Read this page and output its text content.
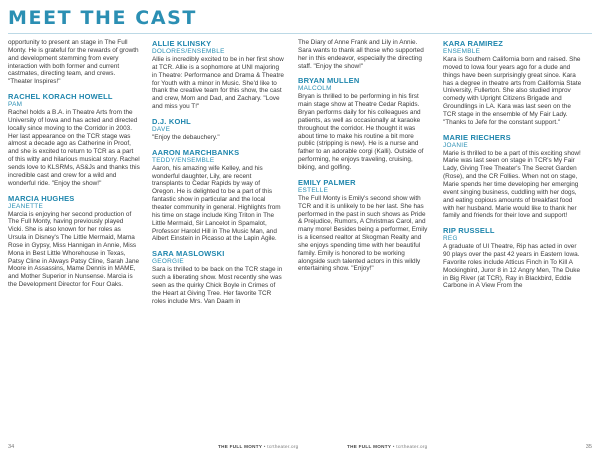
MEET THE CAST

opportunity to present an stage in The Full Monty. He is grateful for the rewards of growth and development stemming from every interaction with both former and current castmates, directing team, and crews. "Theater Inspires!"

RACHEL KORACH HOWELL

PAM

Rachel holds a B.A. in Theatre Arts from the University of Iowa and has acted and directed locally since moving to the Corridor in 2003. Her last appearance on the TCR stage was almost a decade ago as Catherine in Proof, and she is excited to return to TCR as a part of this witty and hilarious musical story. Rachel sends love to KLSRMs, AS&Js and thanks this incredible cast and crew for a wild and wonderful ride. "Enjoy the show!"

MARCIA HUGHES

JEANETTE

Marcia is enjoying her second production of The Full Monty, having previously played Vicki. She is also known for her roles as Ursula in Disney's The Little Mermaid, Mama Rose in Gypsy, Miss Hannigan in Annie, Miss Mona in Best Little Whorehouse in Texas, Patsy Cline in Always Patsy Cline, Sarah Jane Moore in Assassins, Mame Dennis in MAME, and Mother Superior in Nunsense. Marcia is the Development Director for Four Oaks.

ALLIE KLINSKY

DOLORES/ENSEMBLE

Allie is incredibly excited to be in her first show at TCR. Allie is a sophomore at UNI majoring in Theatre: Performance and Drama & Theatre for Youth with a minor in Music. She'd like to thank the creative team for this show, the cast and crew, Mom and Dad, and Zachary. "Love and miss you T!"

D.J. KOHL

DAVE

"Enjoy the debauchery."

AARON MARCHBANKS

TEDDY/ENSEMBLE

Aaron, his amazing wife Kelley, and his wonderful daughter, Lily, are recent transplants to Cedar Rapids by way of Oregon. He is delighted to be a part of this fantastic show in particular and the local theater community in general. Highlights from his time on stage include King Triton in The Little Mermaid, Sir Lancelot in Spamalot, Professor Harold Hill in The Music Man, and Albert Einstein in Picasso at the Lapin Agile.

SARA MASLOWSKI

GEORGIE

Sara is thrilled to be back on the TCR stage in such a liberating show. Most recently she was seen as the quirky Chick Boyle in Crimes of the Heart at Giving Tree. Her favorite TCR roles include Mrs. Van Daam in

The Diary of Anne Frank and Lily in Annie. Sara wants to thank all those who supported her in this endeavor, especially the directing staff. "Enjoy the show!"

BRYAN MULLEN

MALCOLM

Bryan is thrilled to be performing in his first main stage show at Theatre Cedar Rapids. Bryan performs daily for his colleagues and patients, as well as occasionally at karaoke throughout the corridor. He thought it was about time to make his routine a bit more public (stripping is new). He is a nurse and father to an adorable corgi (Kalli). Outside of performing, he enjoys traveling, cruising, biking, and golfing.

EMILY PALMER

ESTELLE

The Full Monty is Emily's second show with TCR and it is unlikely to be her last. She has performed in the past in such shows as Pride & Prejudice, Rumors, A Christmas Carol, and many more! Besides being a performer, Emily is a licensed realtor at Skogman Realty and she enjoys spending time with her beautiful family. Emily is honored to be working alongside such talented actors in this wildly entertaining show. "Enjoy!"

KARA RAMIREZ

ENSEMBLE

Kara is Southern California born and raised. She moved to Iowa four years ago for a dude and things have been surprisingly great since. Kara has a degree in theatre arts from California State University, Fullerton. She also studied improv comedy with Upright Citizens Brigade and Groundlings in LA. Kara was last seen on the TCR stage in the ensemble of My Fair Lady. "Thanks to Jefe for the constant support."

MARIE RIECHERS

JOANIE

Marie is thrilled to be a part of this exciting show! Marie was last seen on stage in TCR's My Fair Lady, Giving Tree Theater's The Secret Garden (Rose), and the CR Follies. When not on stage, Marie spends her time developing her emerging event singing business, cuddling with her dogs, and eating copious amounts of breakfast food with her husband. Marie would like to thank her family and friends for their love and support!

RIP RUSSELL

REG

A graduate of UI Theatre, Rip has acted in over 90 plays over the past 42 years in Eastern Iowa. Favorite roles include Atticus Finch in To Kill A Mockingbird, Juror 8 in 12 Angry Men, The Duke in Big River (at TCR), Ray in Blackbird, Eddie Carbone in A View From the

34	THE FULL MONTY • tcrtheater.org	THE FULL MONTY • tcrtheater.org	35
